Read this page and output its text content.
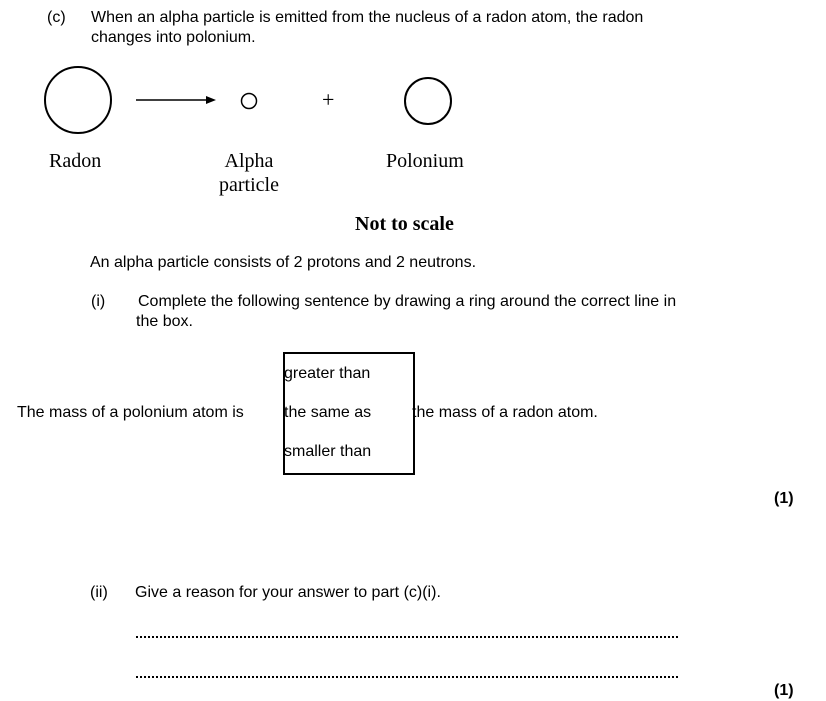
(c) When an alpha particle is emitted from the nucleus of a radon atom, the radon
changes into polonium.
+
Radon	Alpha
particle
Polonium
Not to scale
An alpha particle consists of 2 protons and 2 neutrons.
(i) Complete the following sentence by drawing a ring around the correct line in
the box.
The mass of a polonium atom is
greater than
the same as
smaller than
the mass of a radon atom.
(1)
(ii) Give a reason for your answer to part (c)(i).
(1)
